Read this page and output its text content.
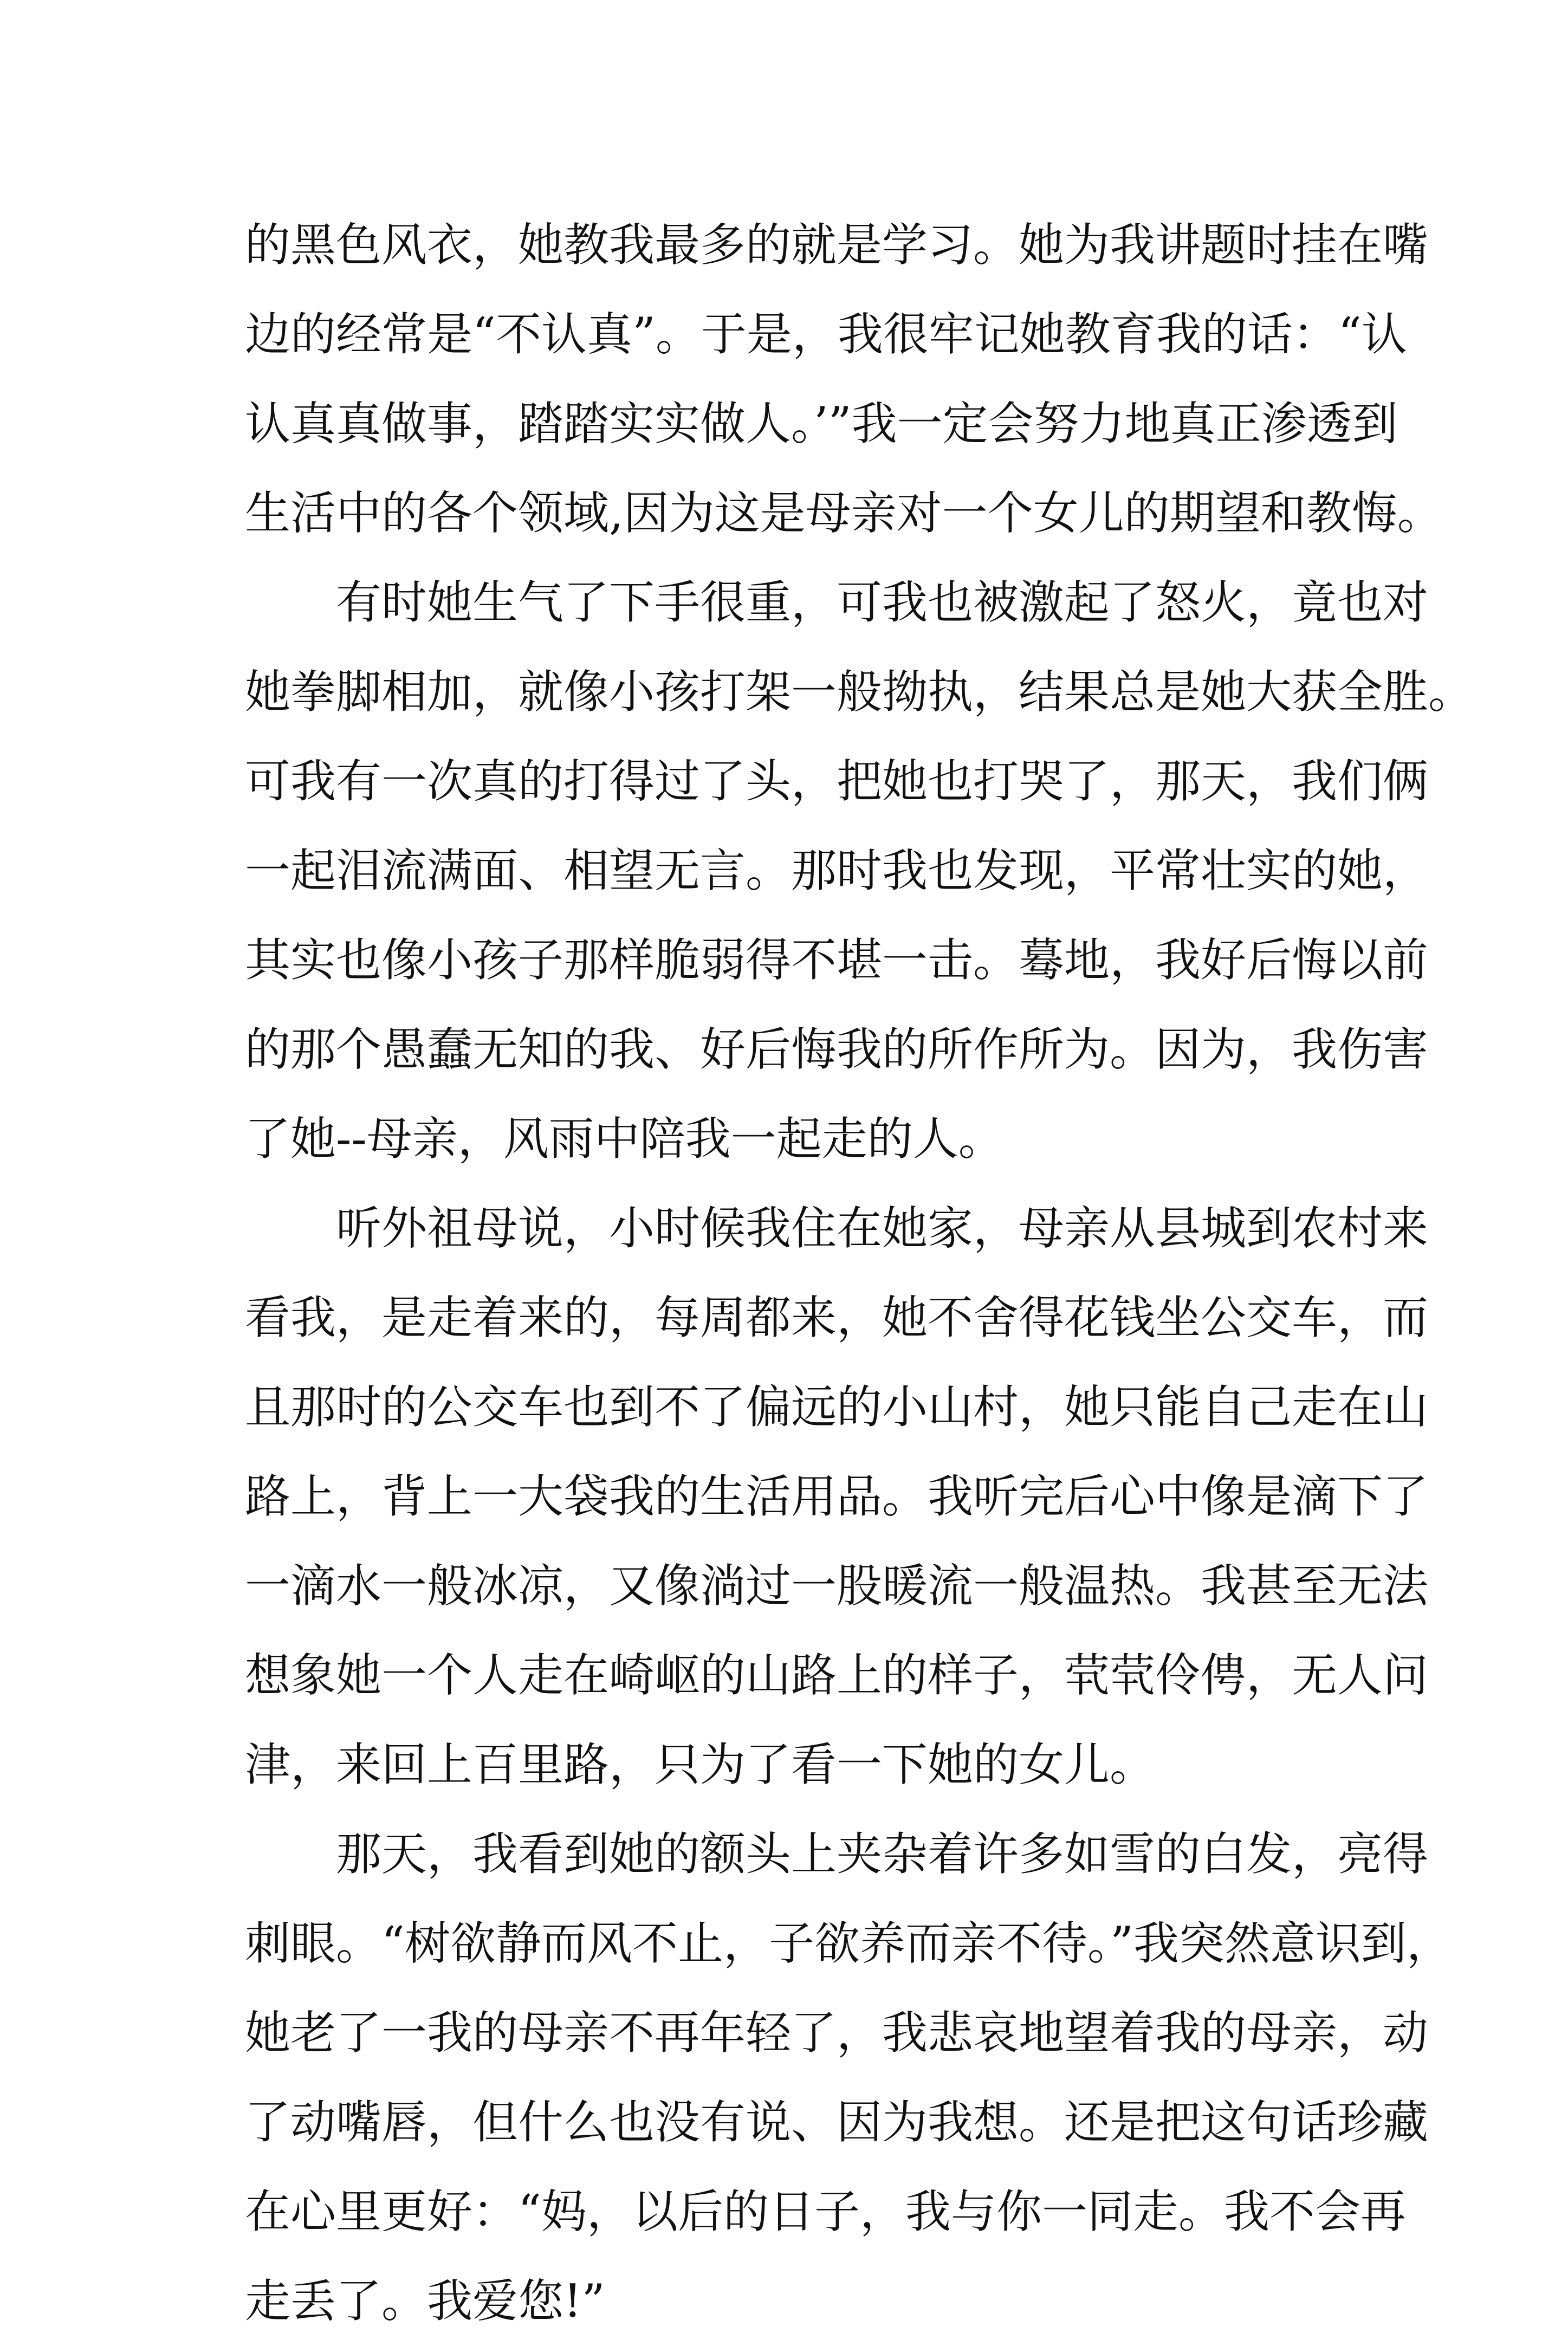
的黑色风衣，她教我最多的就是学习。她为我讲题时挂在嘴
边的经常是“不认真”。于是，我很牢记她教育我的话：“认
认真真做事，踏踏实实做人。’”我一定会努力地真正渗透到
生活中的各个领域,因为这是母亲对一个女儿的期望和教悔。

有时她生气了下手很重，可我也被激起了怒火，竟也对
她拳脚相加，就像小孩打架一般拗执，结果总是她大获全胜。
可我有一次真的打得过了头，把她也打哭了，那天，我们俩
一起泪流满面、相望无言。那时我也发现，平常壮实的她，
其实也像小孩子那样脆弱得不堪一击。蓦地，我好后悔以前
的那个愚蠢无知的我、好后悔我的所作所为。因为，我伤害
了她--母亲，风雨中陪我一起走的人。

听外祖母说，小时候我住在她家，母亲从县城到农村来
看我，是走着来的，每周都来，她不舍得花钱坐公交车，而
且那时的公交车也到不了偏远的小山村，她只能自己走在山
路上，背上一大袋我的生活用品。我听完后心中像是滴下了
一滴水一般冰凉，又像淌过一股暖流一般温热。我甚至无法
想象她一个人走在崎岖的山路上的样子，茕茕伶俜，无人问
津，来回上百里路，只为了看一下她的女儿。

那天，我看到她的额头上夹杂着许多如雪的白发，亮得
刺眼。“树欲静而风不止，子欲养而亲不待。”我突然意识到，
她老了一我的母亲不再年轻了，我悲哀地望着我的母亲，动
了动嘴唇，但什么也没有说、因为我想。还是把这句话珍藏
在心里更好：“妈，以后的日子，我与你一同走。我不会再
走丢了。我爱您!”
